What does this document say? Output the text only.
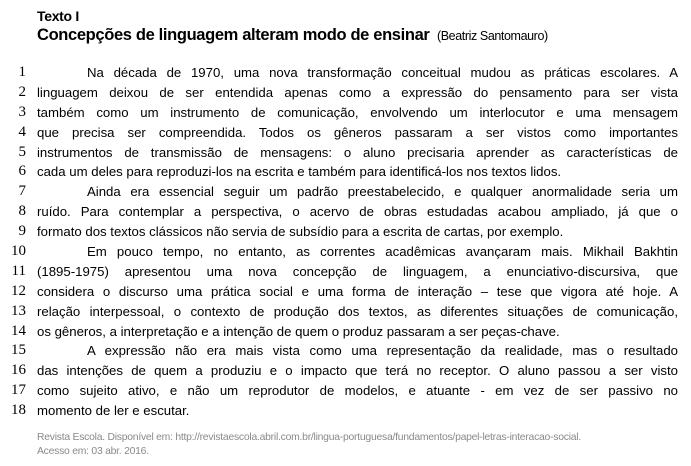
Texto I
Concepções de linguagem alteram modo de ensinar (Beatriz Santomauro)
1	Na década de 1970, uma nova transformação conceitual mudou as práticas escolares. A
2 linguagem deixou de ser entendida apenas como a expressão do pensamento para ser vista
3 também como um instrumento de comunicação, envolvendo um interlocutor e uma mensagem
4 que precisa ser compreendida. Todos os gêneros passaram a ser vistos como importantes
5 instrumentos de transmissão de mensagens: o aluno precisaria aprender as características de
6 cada um deles para reproduzi-los na escrita e também para identificá-los nos textos lidos.
7	Ainda era essencial seguir um padrão preestabelecido, e qualquer anormalidade seria um
8 ruído. Para contemplar a perspectiva, o acervo de obras estudadas acabou ampliado, já que o
9 formato dos textos clássicos não servia de subsídio para a escrita de cartas, por exemplo.
10	Em pouco tempo, no entanto, as correntes acadêmicas avançaram mais. Mikhail Bakhtin
11 (1895-1975) apresentou uma nova concepção de linguagem, a enunciativo-discursiva, que
12 considera o discurso uma prática social e uma forma de interação – tese que vigora até hoje. A
13 relação interpessoal, o contexto de produção dos textos, as diferentes situações de comunicação,
14 os gêneros, a interpretação e a intenção de quem o produz passaram a ser peças-chave.
15	A expressão não era mais vista como uma representação da realidade, mas o resultado
16 das intenções de quem a produziu e o impacto que terá no receptor. O aluno passou a ser visto
17 como sujeito ativo, e não um reprodutor de modelos, e atuante - em vez de ser passivo no
18 momento de ler e escutar.
Revista Escola. Disponível em: http://revistaescola.abril.com.br/lingua-portuguesa/fundamentos/papel-letras-interacao-social.
Acesso em: 03 abr. 2016.
